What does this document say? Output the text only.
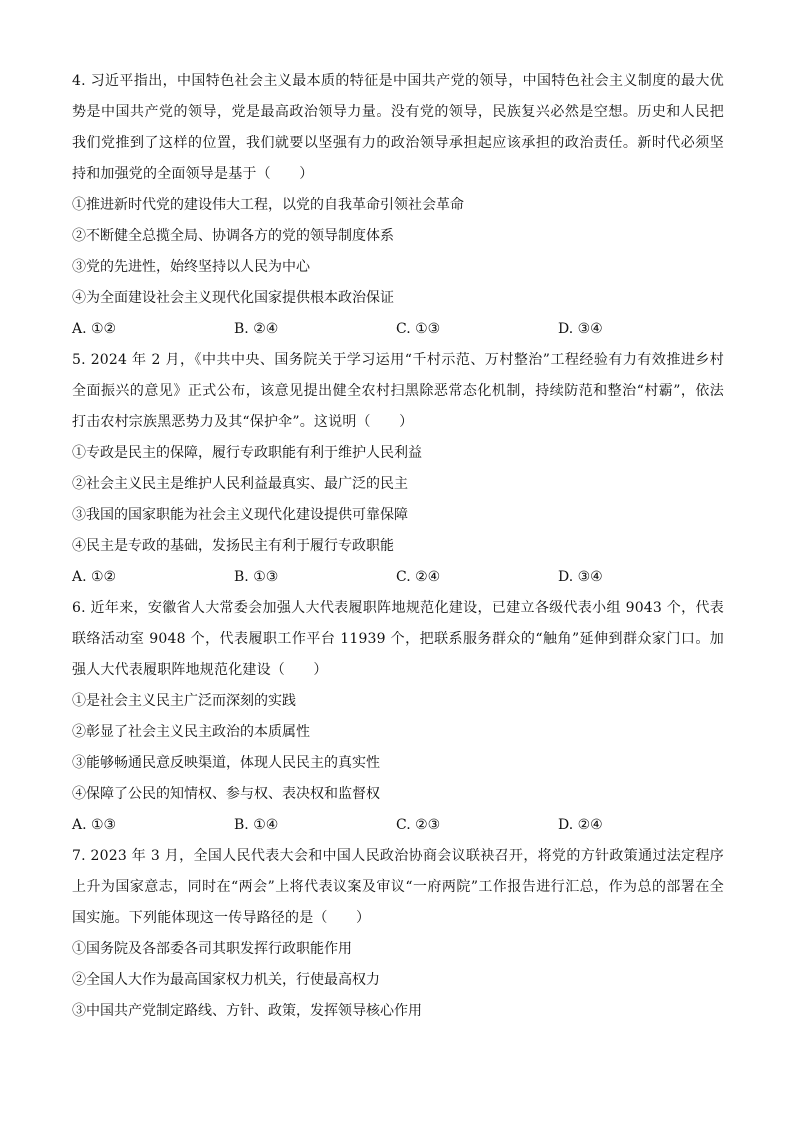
4. 习近平指出，中国特色社会主义最本质的特征是中国共产党的领导，中国特色社会主义制度的最大优势是中国共产党的领导，党是最高政治领导力量。没有党的领导，民族复兴必然是空想。历史和人民把我们党推到了这样的位置，我们就要以坚强有力的政治领导承担起应该承担的政治责任。新时代必须坚持和加强党的全面领导是基于（　　）

①推进新时代党的建设伟大工程，以党的自我革命引领社会革命

②不断健全总揽全局、协调各方的党的领导制度体系

③党的先进性，始终坚持以人民为中心

④为全面建设社会主义现代化国家提供根本政治保证

A. ①②	B. ②④	C. ①③	D. ③④

5. 2024 年 2 月，《中共中央、国务院关于学习运用“千村示范、万村整治”工程经验有力有效推进乡村全面振兴的意见》正式公布，该意见提出健全农村扫黑除恶常态化机制，持续防范和整治“村霸”，依法打击农村宗族黑恶势力及其“保护伞”。这说明（　　）

①专政是民主的保障，履行专政职能有利于维护人民利益

②社会主义民主是维护人民利益最真实、最广泛的民主

③我国的国家职能为社会主义现代化建设提供可靠保障

④民主是专政的基础，发扬民主有利于履行专政职能

A. ①②	B. ①③	C. ②④	D. ③④

6. 近年来，安徽省人大常委会加强人大代表履职阵地规范化建设，已建立各级代表小组 9043 个，代表联络活动室 9048 个，代表履职工作平台 11939 个，把联系服务群众的“触角”延伸到群众家门口。加强人大代表履职阵地规范化建设（　　）

①是社会主义民主广泛而深刻的实践

②彰显了社会主义民主政治的本质属性

③能够畅通民意反映渠道，体现人民民主的真实性

④保障了公民的知情权、参与权、表决权和监督权

A. ①③	B. ①④	C. ②③	D. ②④

7. 2023 年 3 月，全国人民代表大会和中国人民政治协商会议联袂召开，将党的方针政策通过法定程序上升为国家意志，同时在“两会”上将代表议案及审议“一府两院”工作报告进行汇总，作为总的部署在全国实施。下列能体现这一传导路径的是（　　）

①国务院及各部委各司其职发挥行政职能作用

②全国人大作为最高国家权力机关，行使最高权力

③中国共产党制定路线、方针、政策，发挥领导核心作用
